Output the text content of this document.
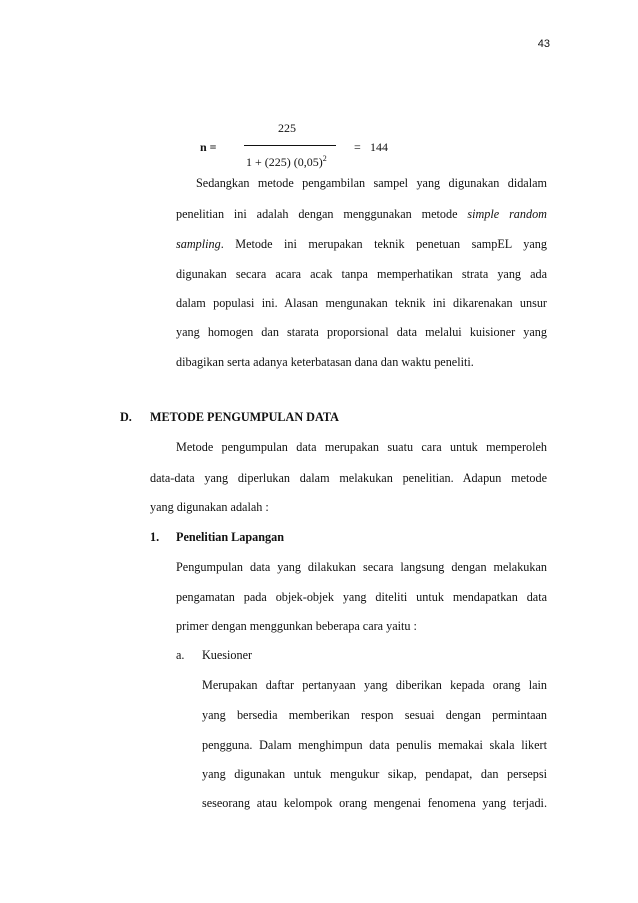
43
n =
225
1 + (225) $(0,05)^2$
= 144
Sedangkan metode pengambilan sampel yang digunakan didalam
penelitian ini adalah dengan menggunakan metode simple random
sampling. Metode ini merupakan teknik penetuan sampEL yang
digunakan secara acara acak tanpa memperhatikan strata yang ada
dalam populasi ini. Alasan mengunakan teknik ini dikarenakan unsur
yang homogen dan starata proporsional data melalui kuisioner yang
dibagikan serta adanya keterbatasan dana dan waktu peneliti.
D. METODE PENGUMPULAN DATA
Metode pengumpulan data merupakan suatu cara untuk memperoleh
data-data yang diperlukan dalam melakukan penelitian. Adapun metode
yang digunakan adalah :
1. Penelitian Lapangan
Pengumpulan data yang dilakukan secara langsung dengan melakukan
pengamatan pada objek-objek yang diteliti untuk mendapatkan data
primer dengan menggunkan beberapa cara yaitu :
a. Kuesioner
Merupakan daftar pertanyaan yang diberikan kepada orang lain
yang bersedia memberikan respon sesuai dengan permintaan
pengguna. Dalam menghimpun data penulis memakai skala likert
yang digunakan untuk mengukur sikap, pendapat, dan persepsi
seseorang atau kelompok orang mengenai fenomena yang terjadi.
